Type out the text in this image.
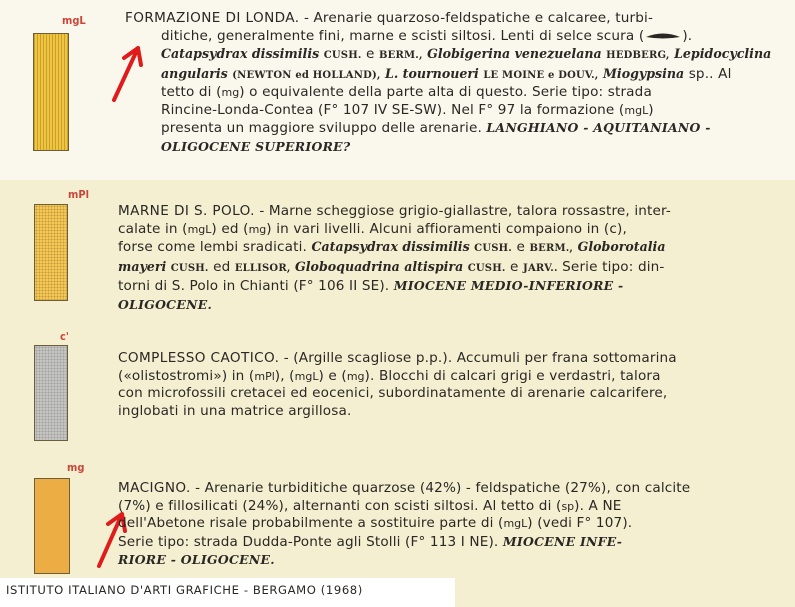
mgL	FORMAZIONE DI LONDA. - Arenarie quarzoso-feldspatiche e calcaree, turbi-
ditiche, generalmente fini, marne e scisti siltosi. Lenti di selce scura (	).
Catapsydrax dissimilis CUSH. e BERM., Globigerina venezuelana HEDBERG, Lepidocyclina
angularis (NEWTON ed HOLLAND), L. tournoueri LE MOINE e DOUV., Miogypsina sp.. Al
tetto di (mg) o equivalente della parte alta di questo. Serie tipo: strada
Rincine-Londa-Contea (F° 107 IV SE-SW). Nel F° 97 la formazione (mgL)
presenta un maggiore sviluppo delle arenarie. LANGHIANO - AQUITANIANO -
OLIGOCENE SUPERIORE?
mPl
MARNE DI S. POLO. - Marne scheggiose grigio-giallastre, talora rossastre, inter-
calate in (mgL) ed (mg) in vari livelli. Alcuni affioramenti compaiono in (c),
forse come lembi sradicati. Catapsydrax dissimilis CUSH. e BERM., Globorotalia
mayeri CUSH. ed ELLISOR, Globoquadrina altispira CUSH. e JARV.. Serie tipo: din-
torni di S. Polo in Chianti (F° 106 II SE). MIOCENE MEDIO-INFERIORE -
OLIGOCENE.
c'
COMPLESSO CAOTICO. - (Argille scagliose p.p.). Accumuli per frana sottomarina
(«olistostromi») in (mPl), (mgL) e (mg). Blocchi di calcari grigi e verdastri, talora
con microfossili cretacei ed eocenici, subordinatamente di arenarie calcarifere,
inglobati in una matrice argillosa.
mg
MACIGNO. - Arenarie turbiditiche quarzose (42%) - feldspatiche (27%), con calcite
(7%) e fillosilicati (24%), alternanti con scisti siltosi. Al tetto di (sp). A NE
dell'Abetone risale probabilmente a sostituire parte di (mgL) (vedi F° 107).
Serie tipo: strada Dudda-Ponte agli Stolli (F° 113 I NE). MIOCENE INFE-
RIORE - OLIGOCENE.
ISTITUTO ITALIANO D'ARTI GRAFICHE - BERGAMO (1968)
